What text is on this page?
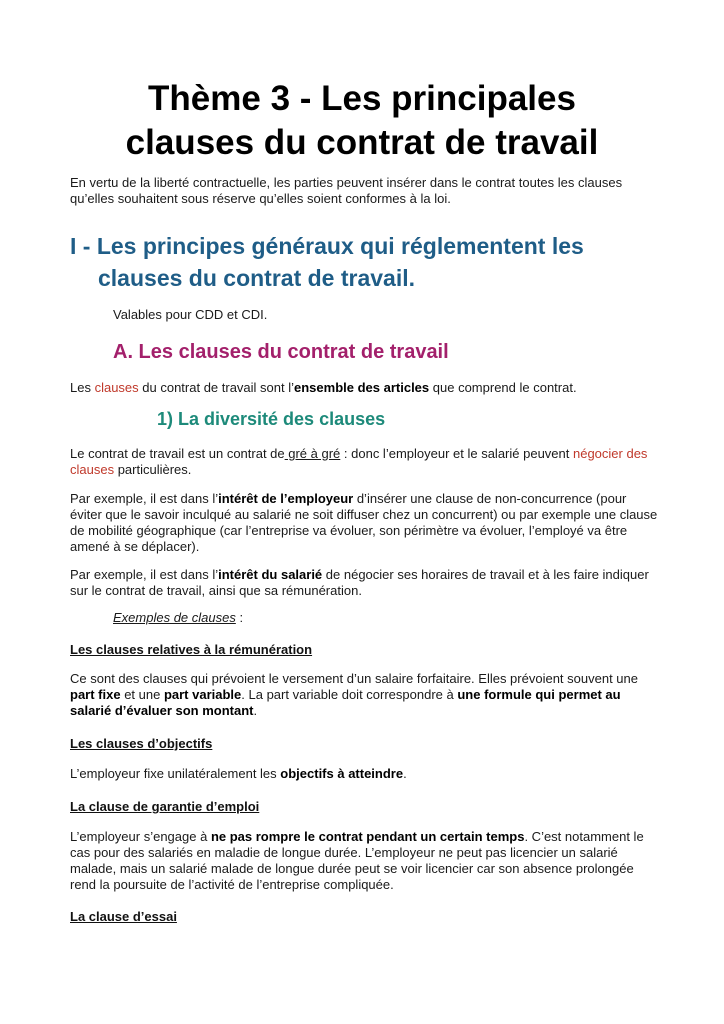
Thème 3 - Les principales
clauses du contrat de travail

En vertu de la liberté contractuelle, les parties peuvent insérer dans le contrat toutes les clauses qu’elles souhaitent sous réserve qu’elles soient conformes à la loi.

I - Les principes généraux qui réglementent les
clauses du contrat de travail.

Valables pour CDD et CDI.

A. Les clauses du contrat de travail

Les clauses du contrat de travail sont l’ensemble des articles que comprend le contrat.

1) La diversité des clauses

Le contrat de travail est un contrat de gré à gré : donc l’employeur et le salarié peuvent négocier des clauses particulières.

Par exemple, il est dans l’intérêt de l’employeur d’insérer une clause de non-concurrence (pour éviter que le savoir inculqué au salarié ne soit diffuser chez un concurrent) ou par exemple une clause de mobilité géographique (car l’entreprise va évoluer, son périmètre va évoluer, l’employé va être amené à se déplacer).

Par exemple, il est dans l’intérêt du salarié de négocier ses horaires de travail et à les faire indiquer sur le contrat de travail, ainsi que sa rémunération.

Exemples de clauses :

Les clauses relatives à la rémunération

Ce sont des clauses qui prévoient le versement d’un salaire forfaitaire. Elles prévoient souvent une part fixe et une part variable. La part variable doit correspondre à une formule qui permet au salarié d’évaluer son montant.

Les clauses d’objectifs

L’employeur fixe unilatéralement les objectifs à atteindre.

La clause de garantie d’emploi

L’employeur s’engage à ne pas rompre le contrat pendant un certain temps. C’est notamment le cas pour des salariés en maladie de longue durée. L’employeur ne peut pas licencier un salarié malade, mais un salarié malade de longue durée peut se voir licencier car son absence prolongée rend la poursuite de l’activité de l’entreprise compliquée.

La clause d’essai
